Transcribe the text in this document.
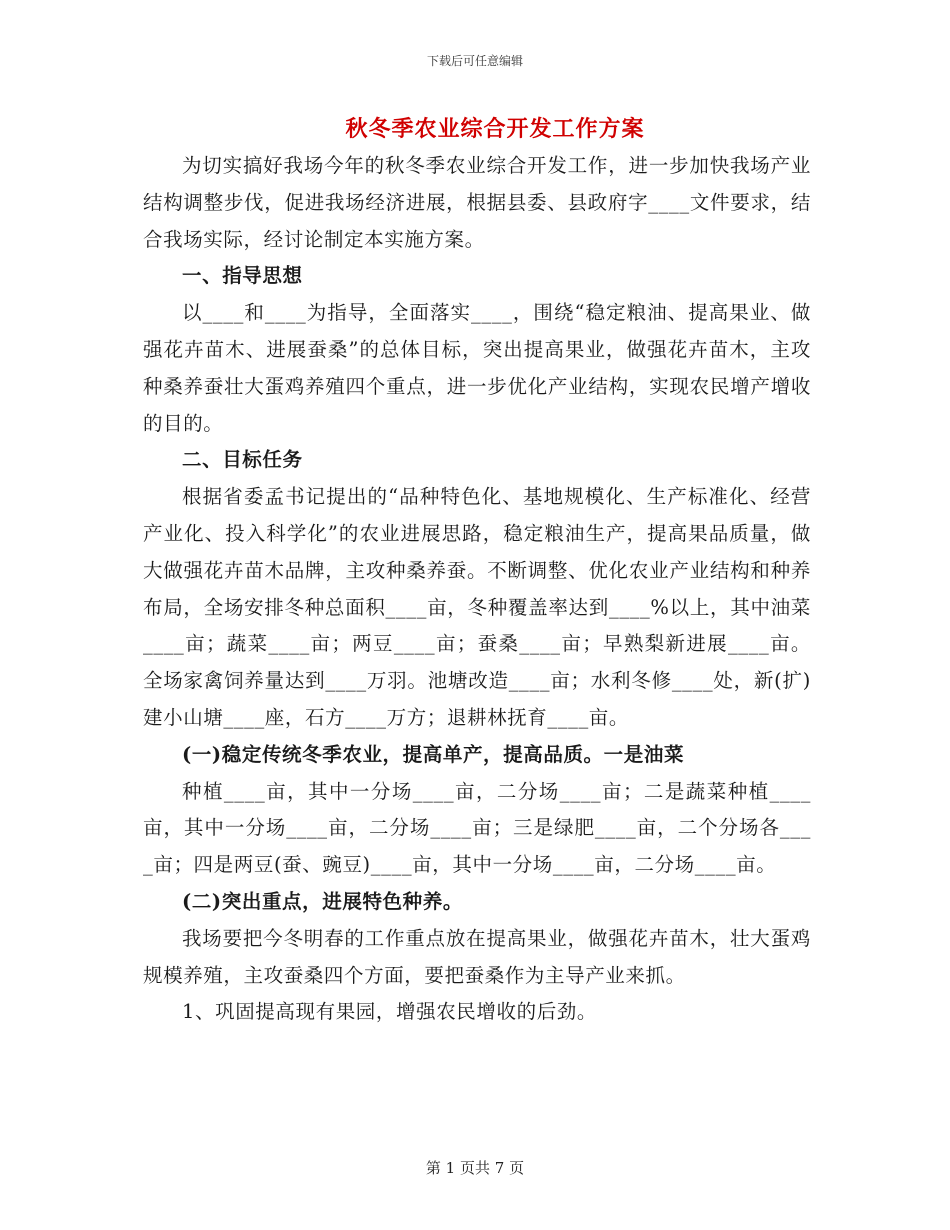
下载后可任意编辑
秋冬季农业综合开发工作方案

为切实搞好我场今年的秋冬季农业综合开发工作，进一步加快我场产业结构调整步伐，促进我场经济进展，根据县委、县政府字____文件要求，结合我场实际，经讨论制定本实施方案。

一、指导思想

以____和____为指导，全面落实____，围绕“稳定粮油、提高果业、做强花卉苗木、进展蚕桑”的总体目标，突出提高果业，做强花卉苗木，主攻种桑养蚕壮大蛋鸡养殖四个重点，进一步优化产业结构，实现农民增产增收的目的。

二、目标任务

根据省委孟书记提出的“品种特色化、基地规模化、生产标准化、经营产业化、投入科学化”的农业进展思路，稳定粮油生产，提高果品质量，做大做强花卉苗木品牌，主攻种桑养蚕。不断调整、优化农业产业结构和种养布局，全场安排冬种总面积____亩，冬种覆盖率达到____%以上，其中油菜____亩；蔬菜____亩；两豆____亩；蚕桑____亩；早熟梨新进展____亩。全场家禽饲养量达到____万羽。池塘改造____亩；水利冬修____处，新(扩)建小山塘____座，石方____万方；退耕林抚育____亩。

(一)稳定传统冬季农业，提高单产，提高品质。一是油菜

种植____亩，其中一分场____亩，二分场____亩；二是蔬菜种植____亩，其中一分场____亩，二分场____亩；三是绿肥____亩，二个分场各____亩；四是两豆(蚕、豌豆)____亩，其中一分场____亩，二分场____亩。

(二)突出重点，进展特色种养。

我场要把今冬明春的工作重点放在提高果业，做强花卉苗木，壮大蛋鸡规模养殖，主攻蚕桑四个方面，要把蚕桑作为主导产业来抓。

1、巩固提高现有果园，增强农民增收的后劲。

第 1 页共 7 页
